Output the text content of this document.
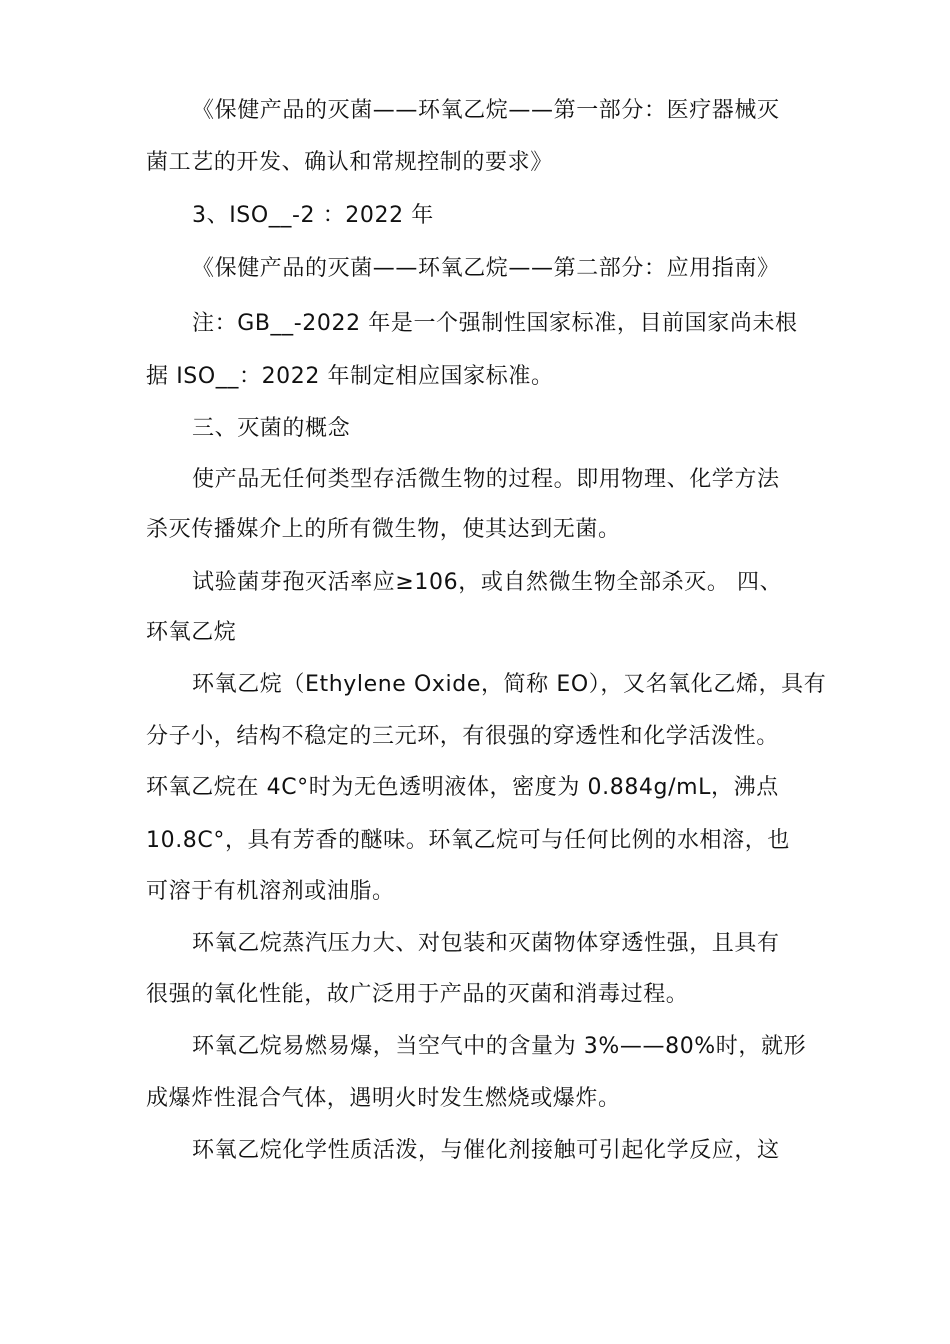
《保健产品的灭菌——环氧乙烷——第一部分：医疗器械灭
菌工艺的开发、确认和常规控制的要求》
3、ISO__-2 ：2022 年
《保健产品的灭菌——环氧乙烷——第二部分：应用指南》
注：GB__-2022 年是一个强制性国家标准，目前国家尚未根
据 ISO__：2022 年制定相应国家标准。
三、灭菌的概念
使产品无任何类型存活微生物的过程。即用物理、化学方法
杀灭传播媒介上的所有微生物，使其达到无菌。
试验菌芽孢灭活率应≥106，或自然微生物全部杀灭。 四、
环氧乙烷
环氧乙烷（Ethylene Oxide，简称 EO），又名氧化乙烯，具有
分子小，结构不稳定的三元环，有很强的穿透性和化学活泼性。
环氧乙烷在 4C°时为无色透明液体，密度为 0.884g/mL，沸点
10.8C°，具有芳香的醚味。环氧乙烷可与任何比例的水相溶，也
可溶于有机溶剂或油脂。
环氧乙烷蒸汽压力大、对包装和灭菌物体穿透性强，且具有
很强的氧化性能，故广泛用于产品的灭菌和消毒过程。
环氧乙烷易燃易爆，当空气中的含量为 3%——80%时，就形
成爆炸性混合气体，遇明火时发生燃烧或爆炸。
环氧乙烷化学性质活泼，与催化剂接触可引起化学反应，这
